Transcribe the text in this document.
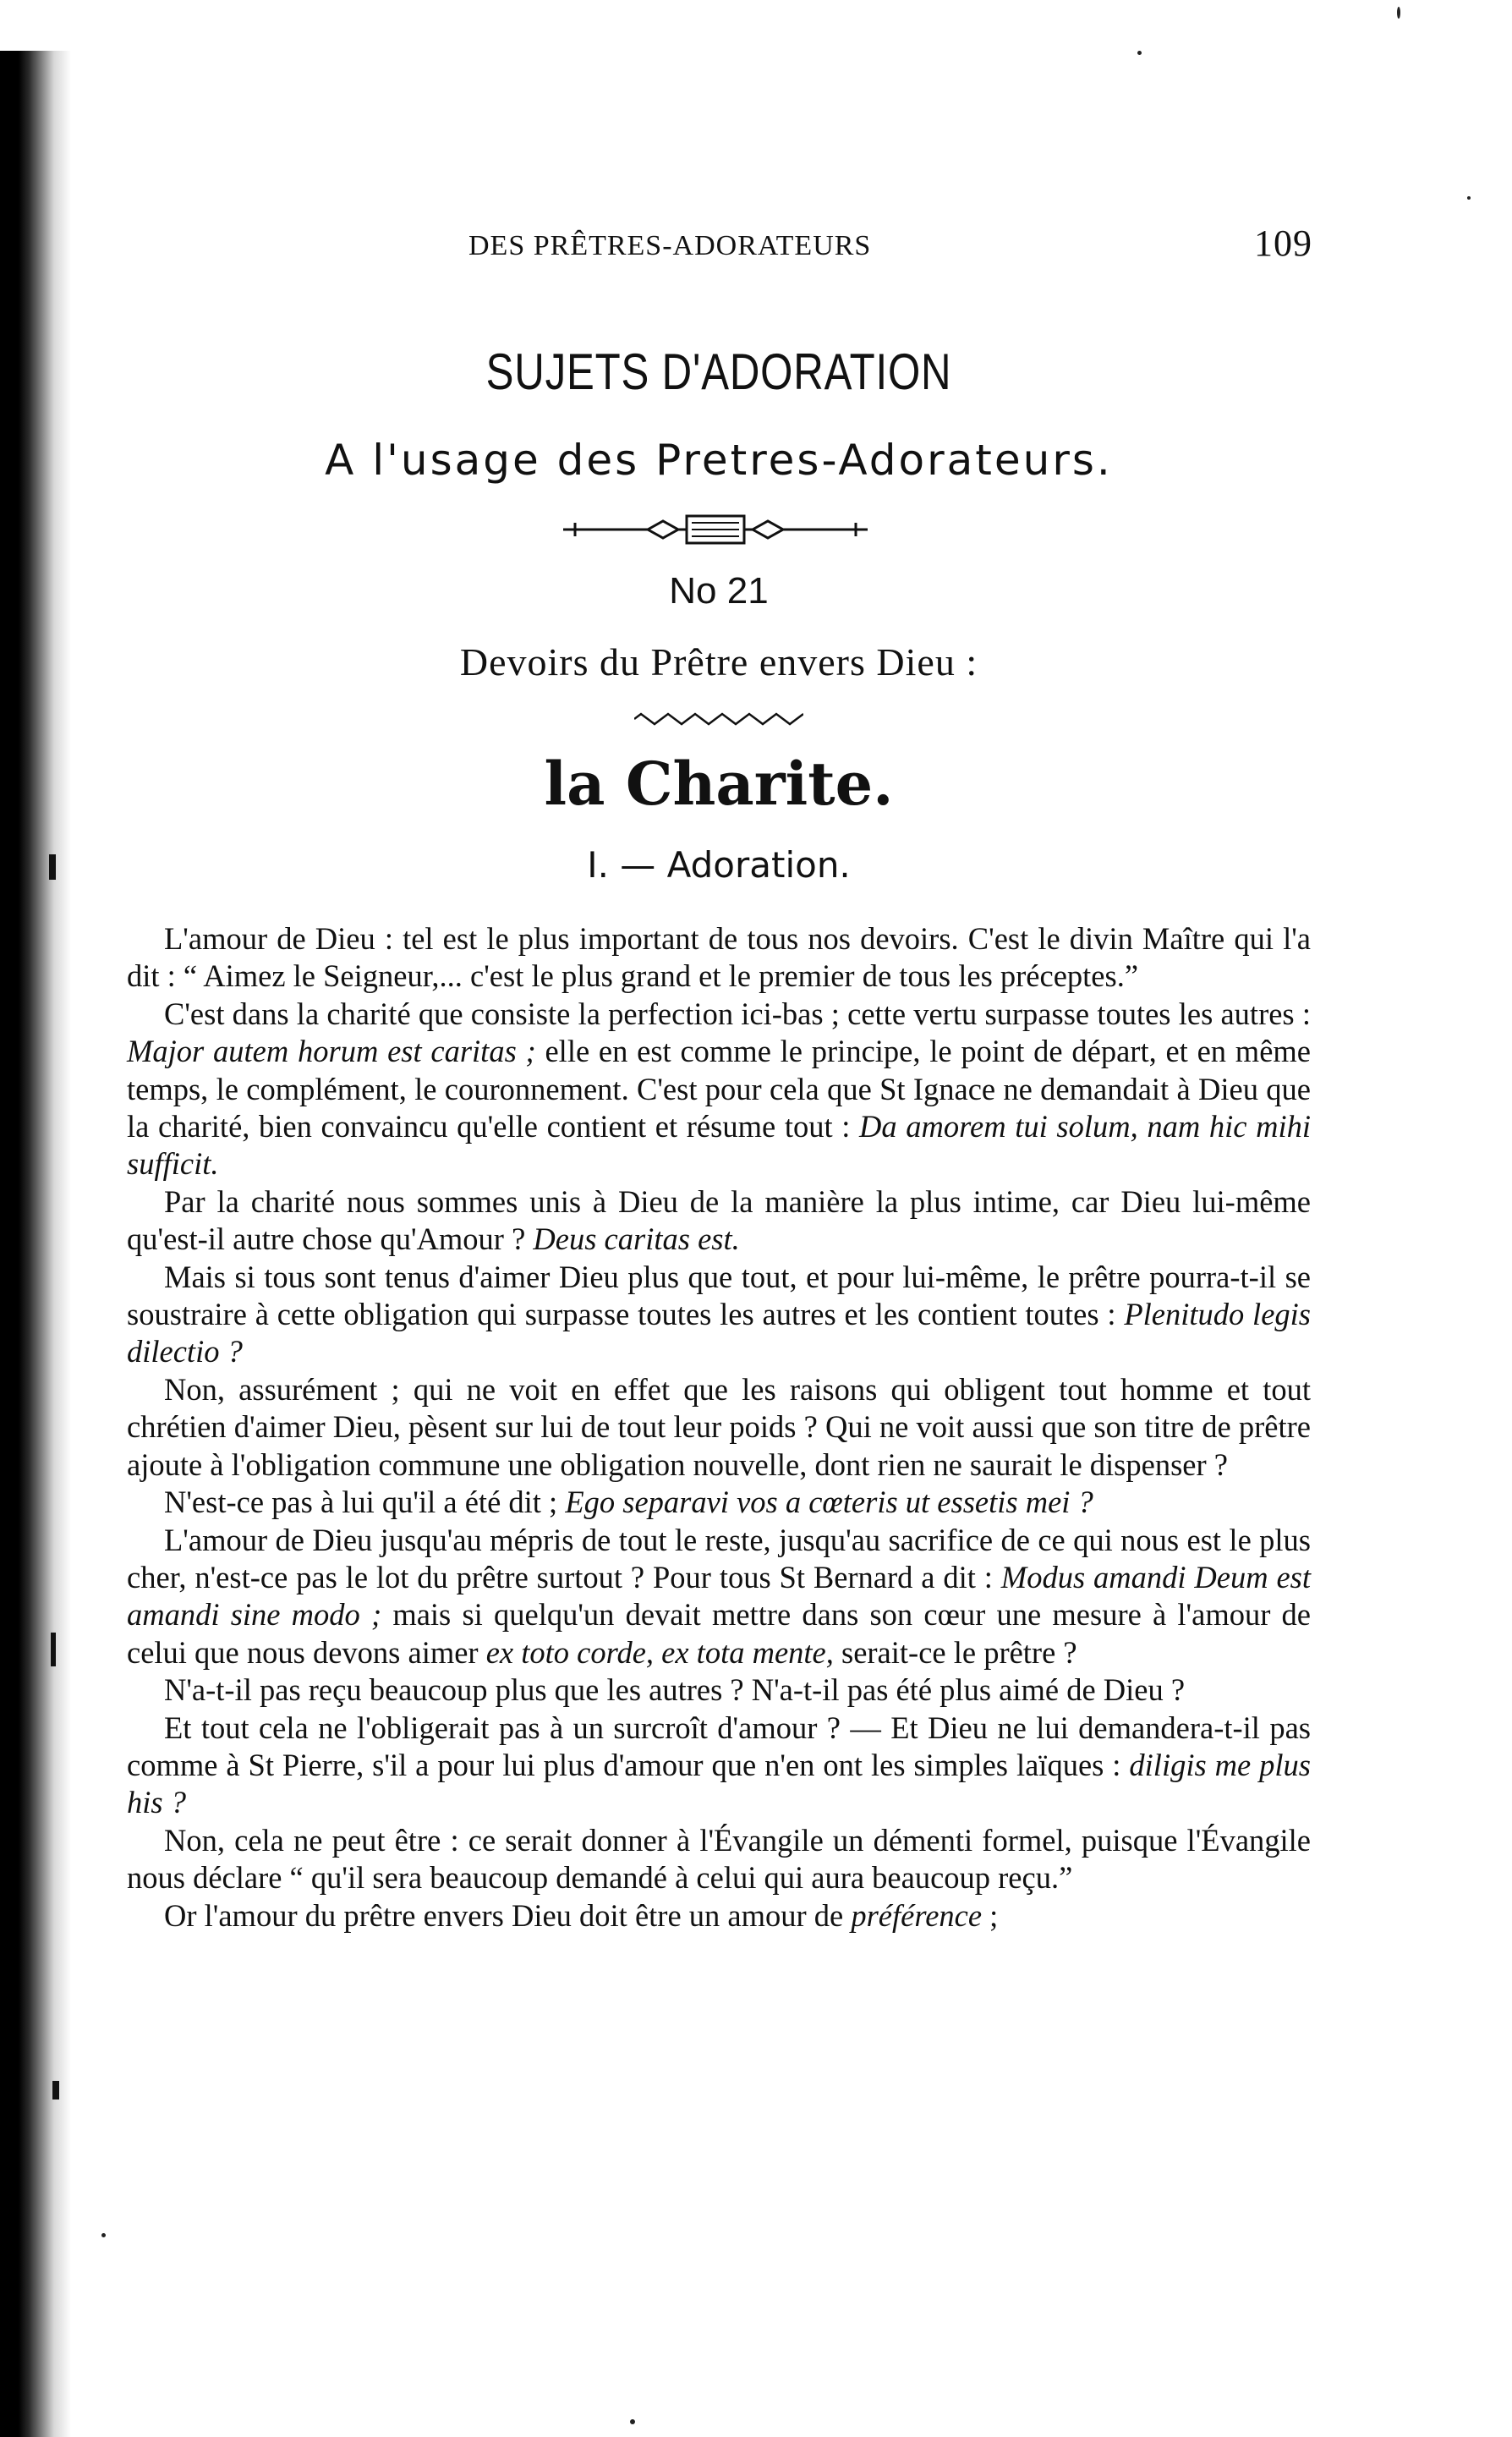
DES PRÊTRES-ADORATEURS	109
SUJETS D'ADORATION
A l'usage des Pretres-Adorateurs.
No 21
Devoirs du Prêtre envers Dieu :
la Charite.
I. — Adoration.

L'amour de Dieu : tel est le plus important de tous nos devoirs. C'est le divin Maître qui l'a dit : “ Aimez le Seigneur,... c'est le plus grand et le premier de tous les préceptes.”

C'est dans la charité que consiste la perfection ici-bas ; cette vertu surpasse toutes les autres : Major autem horum est caritas ; elle en est comme le principe, le point de départ, et en même temps, le complément, le couronnement. C'est pour cela que St Ignace ne demandait à Dieu que la charité, bien convaincu qu'elle contient et résume tout : Da amorem tui solum, nam hic mihi sufficit.

Par la charité nous sommes unis à Dieu de la manière la plus intime, car Dieu lui-même qu'est-il autre chose qu'Amour ? Deus caritas est.

Mais si tous sont tenus d'aimer Dieu plus que tout, et pour lui-même, le prêtre pourra-t-il se soustraire à cette obligation qui surpasse toutes les autres et les contient toutes : Plenitudo legis dilectio ?

Non, assurément ; qui ne voit en effet que les raisons qui obligent tout homme et tout chrétien d'aimer Dieu, pèsent sur lui de tout leur poids ? Qui ne voit aussi que son titre de prêtre ajoute à l'obligation commune une obligation nouvelle, dont rien ne saurait le dispenser ?

N'est-ce pas à lui qu'il a été dit ; Ego separavi vos a cœteris ut essetis mei ?

L'amour de Dieu jusqu'au mépris de tout le reste, jusqu'au sacrifice de ce qui nous est le plus cher, n'est-ce pas le lot du prêtre surtout ? Pour tous St Bernard a dit : Modus amandi Deum est amandi sine modo ; mais si quelqu'un devait mettre dans son cœur une mesure à l'amour de celui que nous devons aimer ex toto corde, ex tota mente, serait-ce le prêtre ?

N'a-t-il pas reçu beaucoup plus que les autres ? N'a-t-il pas été plus aimé de Dieu ?

Et tout cela ne l'obligerait pas à un surcroît d'amour ? — Et Dieu ne lui demandera-t-il pas comme à St Pierre, s'il a pour lui plus d'amour que n'en ont les simples laïques : diligis me plus his ?

Non, cela ne peut être : ce serait donner à l'Évangile un démenti formel, puisque l'Évangile nous déclare “ qu'il sera beaucoup demandé à celui qui aura beaucoup reçu.”

Or l'amour du prêtre envers Dieu doit être un amour de préférence ;
